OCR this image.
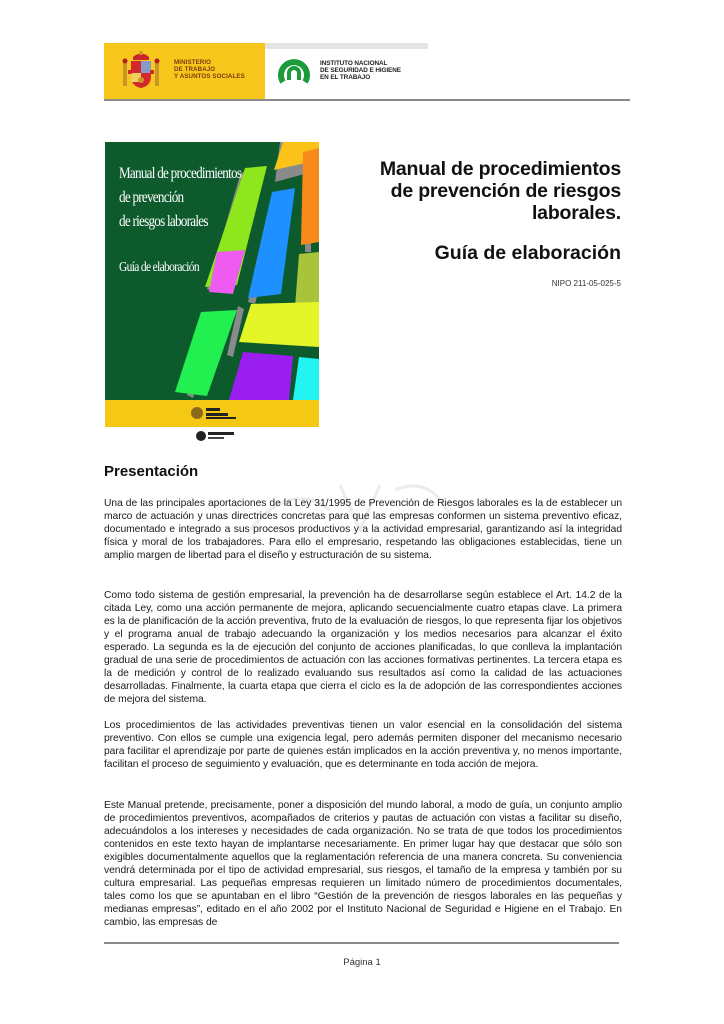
MINISTERIO
DE TRABAJO
Y ASUNTOS SOCIALES
INSTITUTO NACIONAL
DE SEGURIDAD E HIGIENE
EN EL TRABAJO
Manual de procedimientos
de prevención
de riesgos laborales
Guía de elaboración
Manual de procedimientos
de prevención de riesgos
laborales.
Guía de elaboración
NIPO 211-05-025-5
Presentación
Una de las principales aportaciones de la Ley 31/1995 de Prevención de Riesgos laborales es la de establecer un marco de actuación y unas directrices concretas para que las empresas conformen un sistema preventivo eficaz, documentado e integrado a sus procesos productivos y a la actividad empresarial, garantizando así la integridad física y moral de los trabajadores. Para ello el empresario, respetando las obligaciones establecidas, tiene un amplio margen de libertad para el diseño y estructuración de su sistema.
Como todo sistema de gestión empresarial, la prevención ha de desarrollarse según establece el Art. 14.2 de la citada Ley, como una acción permanente de mejora, aplicando secuencialmente cuatro etapas clave. La primera es la de planificación de la acción preventiva, fruto de la evaluación de riesgos, lo que representa fijar los objetivos y el programa anual de trabajo adecuando la organización y los medios necesarios para alcanzar el éxito esperado. La segunda es la de ejecución del conjunto de acciones planificadas, lo que conlleva la implantación gradual de una serie de procedimientos de actuación con las acciones formativas pertinentes. La tercera etapa es la de medición y control de lo realizado evaluando sus resultados así como la calidad de las actuaciones desarrolladas. Finalmente, la cuarta etapa que cierra el ciclo es la de adopción de las correspondientes acciones de mejora del sistema.
Los procedimientos de las actividades preventivas tienen un valor esencial en la consolidación del sistema preventivo. Con ellos se cumple una exigencia legal, pero además permiten disponer del mecanismo necesario para facilitar el aprendizaje por parte de quienes están implicados en la acción preventiva y, no menos importante, facilitan el proceso de seguimiento y evaluación, que es determinante en toda acción de mejora.
Este Manual pretende, precisamente, poner a disposición del mundo laboral, a modo de guía, un conjunto amplio de procedimientos preventivos, acompañados de criterios y pautas de actuación con vistas a facilitar su diseño, adecuándolos a los intereses y necesidades de cada organización. No se trata de que todos los procedimientos contenidos en este texto hayan de implantarse necesariamente. En primer lugar hay que destacar que sólo son exigibles documentalmente aquellos que la reglamentación referencia de una manera concreta. Su conveniencia vendrá determinada por el tipo de actividad empresarial, sus riesgos, el tamaño de la empresa y también por su cultura empresarial. Las pequeñas empresas requieren un limitado número de procedimientos documentales, tales como los que se apuntaban en el libro “Gestión de la prevención de riesgos laborales en las pequeñas y medianas empresas”, editado en el año 2002 por el Instituto Nacional de Seguridad e Higiene en el Trabajo. En cambio, las empresas de
Página 1
